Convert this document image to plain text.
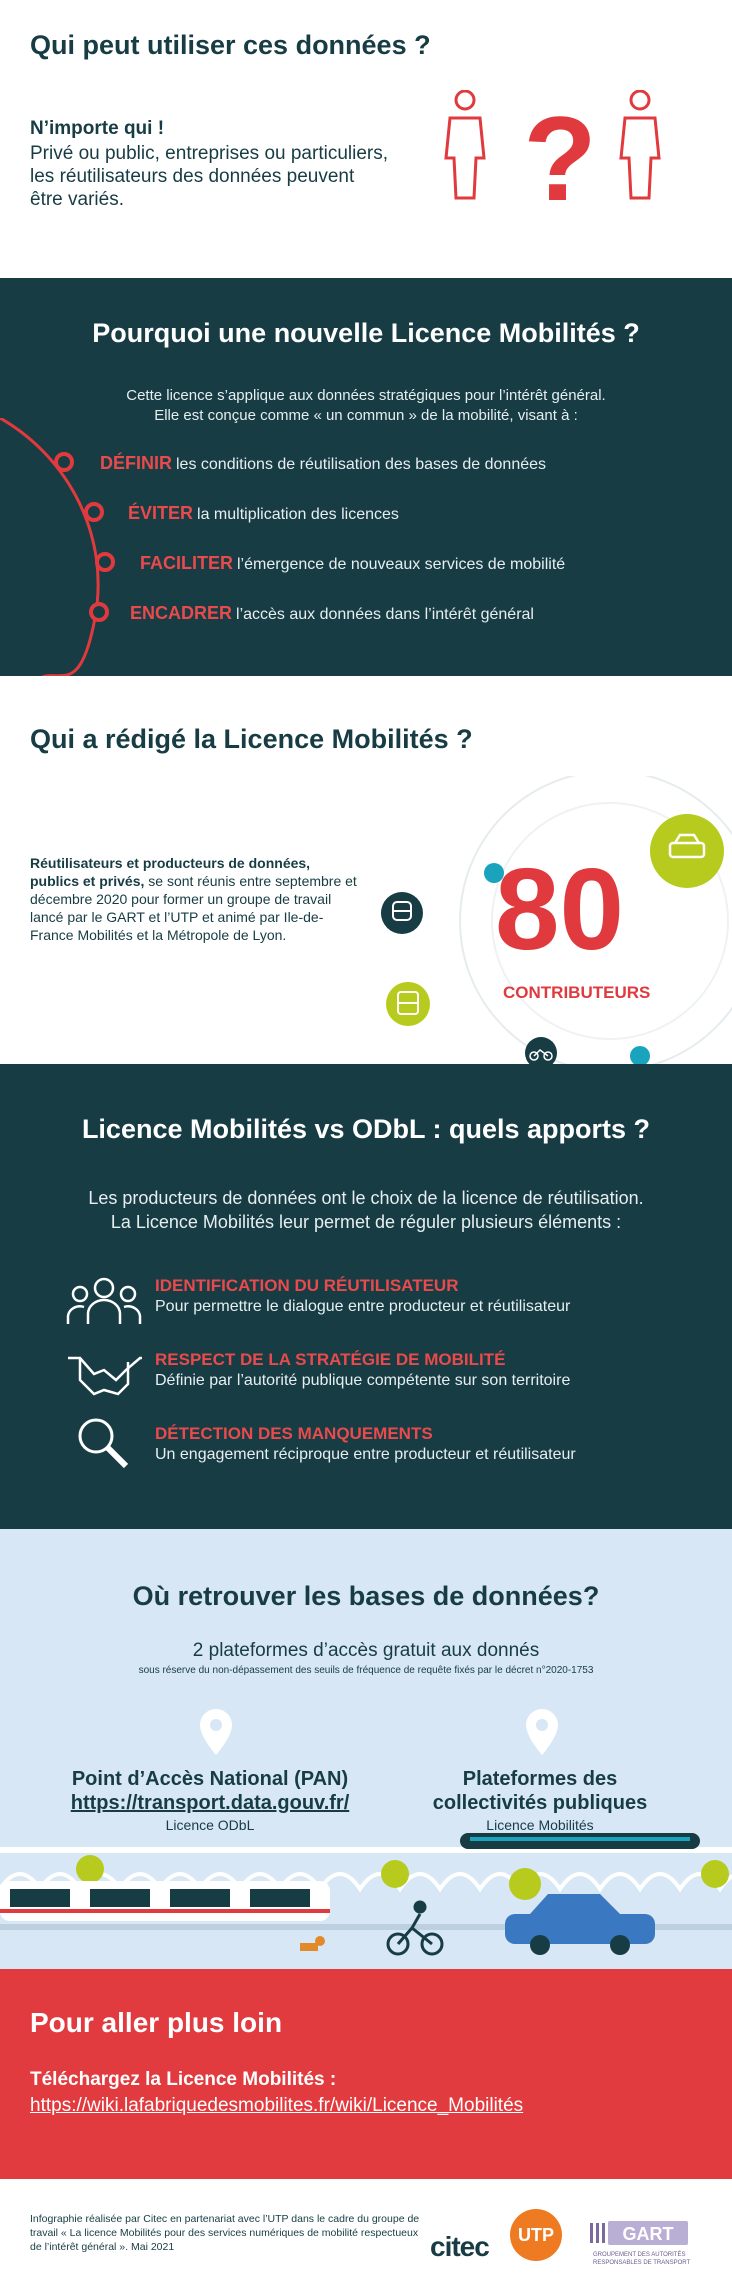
Qui peut utiliser ces données ?
N’importe qui !
Privé ou public, entreprises ou particuliers, les réutilisateurs des données peuvent être variés.	?
Pourquoi une nouvelle Licence Mobilités ?
Cette licence s’applique aux données stratégiques pour l’intérêt général.
Elle est conçue comme « un commun » de la mobilité, visant à :
DÉFINIR les conditions de réutilisation des bases de données
ÉVITER la multiplication des licences
FACILITER l’émergence de nouveaux services de mobilité
ENCADRER l’accès aux données dans l’intérêt général
Qui a rédigé la Licence Mobilités ?
Réutilisateurs et producteurs de données, publics et privés, se sont réunis entre septembre et décembre 2020 pour former un groupe de travail lancé par le GART et l’UTP et animé par Ile-de-France Mobilités et la Métropole de Lyon.	80
CONTRIBUTEURS
Licence Mobilités vs ODbL : quels apports ?
Les producteurs de données ont le choix de la licence de réutilisation.
La Licence Mobilités leur permet de réguler plusieurs éléments :
IDENTIFICATION DU RÉUTILISATEUR
Pour permettre le dialogue entre producteur et réutilisateur
RESPECT DE LA STRATÉGIE DE MOBILITÉ
Définie par l’autorité publique compétente sur son territoire
DÉTECTION DES MANQUEMENTS
Un engagement réciproque entre producteur et réutilisateur
Où retrouver les bases de données?
2 plateformes d’accès gratuit aux donnés
sous réserve du non-dépassement des seuils de fréquence de requête fixés par le décret n°2020-1753
Point d’Accès National (PAN)
https://transport.data.gouv.fr/
Licence ODbL
Plateformes des
collectivités publiques
Licence Mobilités
Pour aller plus loin
Téléchargez la Licence Mobilités :
https://wiki.lafabriquedesmobilites.fr/wiki/Licence_Mobilités
Infographie réalisée par Citec en partenariat avec l’UTP dans le cadre du groupe de travail « La licence Mobilités pour des services numériques de mobilité respectueux de l’intérêt général ». Mai 2021	citec	UTP	GART
GROUPEMENT DES AUTORITÉS RESPONSABLES DE TRANSPORT
